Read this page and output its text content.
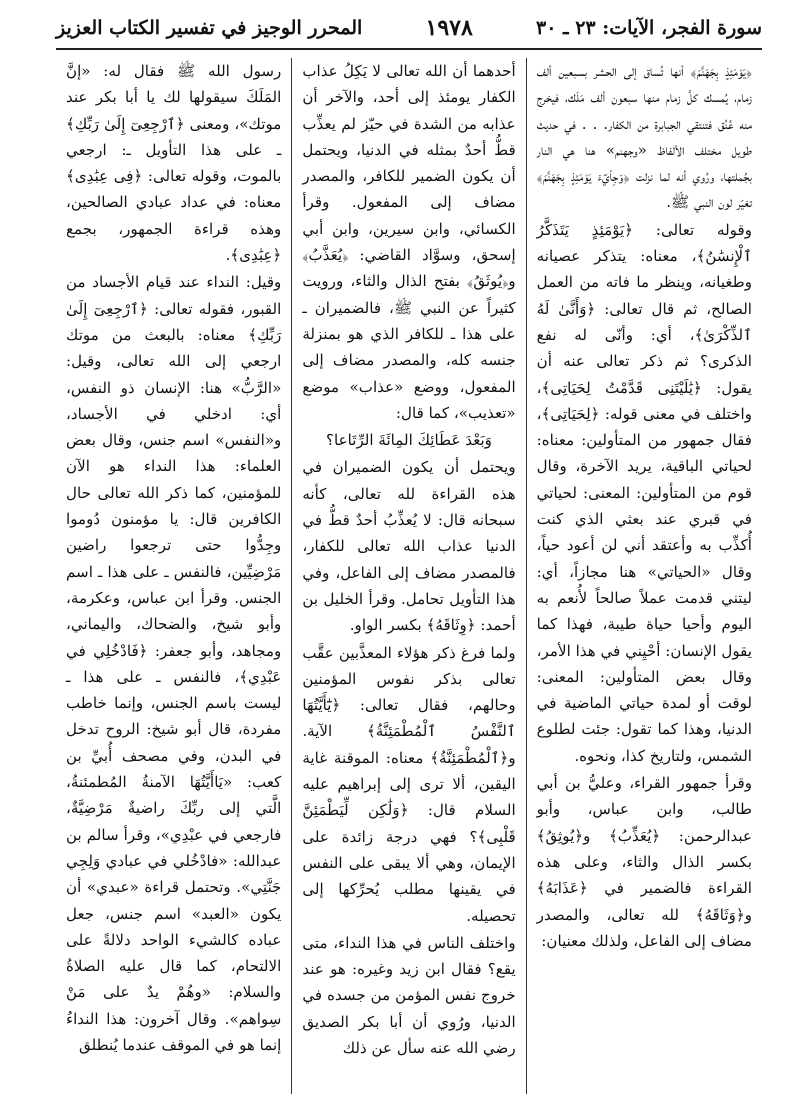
سورة الفجر، الآيات: ٢٣ ـ ٣٠
١٩٧٨
المحرر الوجيز في تفسير الكتاب العزيز

﴿يَوْمَئِذٍ بِجَهَنَّمَ﴾ أنها تُساق إلى الحشر بسبعين ألف زمام، يُمسك كلَّ زمام منها سبعون ألف مَلَك، فيخرج منه عُنُق فتنتقي الجبابرة من الكفار. . . في حديث طويل مختلف الألفاظ «وجهنم» هنا هي النار بجُملتها، ورُوي أنه لما نزلت ﴿وَجِاْيٓءَ يَوْمَئِذٍ بِجَهَنَّمَ﴾ تغيّر لون النبي ﷺ.

وقوله تعالى: ﴿يَوْمَئِذٍ يَتَذَكَّرُ ٱلْإِنسَٰنُ﴾، معناه: يتذكر عصيانه وطغيانه، وينظر ما فاته من العمل الصالح، ثم قال تعالى: ﴿وَأَنَّىٰ لَهُ ٱلذِّكْرَىٰ﴾، أي: وأنّى له نفع الذكرى؟ ثم ذكر تعالى عنه أن يقول: ﴿يَٰلَيْتَنِى قَدَّمْتُ لِحَيَاتِى﴾، واختلف في معنى قوله: ﴿لِحَيَاتِى﴾، فقال جمهور من المتأولين: معناه: لحياتي الباقية، يريد الآخرة، وقال قوم من المتأولين: المعنى: لحياتي في قبري عند بعثي الذي كنت أُكذِّب به وأعتقد أني لن أعود حياً، وقال «الحياتي» هنا مجازاً، أي: ليتني قدمت عملاً صالحاً لأُنعم به اليوم وأحيا حياة طيبة، فهذا كما يقول الإنسان: أحْيِني في هذا الأمر، وقال بعض المتأولين: المعنى: لوقت أو لمدة حياتي الماضية في الدنيا، وهذا كما تقول: جئت لطلوع الشمس، ولتاريخ كذا، ونحوه.

وقرأ جمهور القراء، وعليُّ بن أبي طالب، وابن عباس، وأبو عبدالرحمن: ﴿يُعَذِّبُ﴾ و﴿يُوثِقُ﴾ بكسر الذال والثاء، وعلى هذه القراءة فالضمير في ﴿عَذَابَهُ﴾ و﴿وَثَاقَهُ﴾ لله تعالى، والمصدر مضاف إلى الفاعل، ولذلك معنيان:

أحدهما أن الله تعالى لا يَكِلُ عذاب الكفار يومئذ إلى أحد، والآخر أن عذابه من الشدة في حيّز لم يعذِّب قطُّ أحدٌ بمثله في الدنيا، ويحتمل أن يكون الضمير للكافر، والمصدر مضاف إلى المفعول. وقرأ الكسائي، وابن سيرين، وابن أبي إسحق، وسوَّاد القاضي: ﴿يُعَذَّبُ﴾ و﴿يُوثَقُ﴾ بفتح الذال والثاء، ورويت كثيراً عن النبي ﷺ، فالضميران ـ على هذا ـ للكافر الذي هو بمنزلة جنسه كله، والمصدر مضاف إلى المفعول، ووضع «عذاب» موضع «تعذيب»، كما قال:

وَبَعْدَ عَطَائِكَ المِائَةَ الرِّتَاعا؟

ويحتمل أن يكون الضميران في هذه القراءة لله تعالى، كأنه سبحانه قال: لا يُعذِّبُ أحدٌ قطُّ في الدنيا عذاب الله تعالى للكفار، فالمصدر مضاف إلى الفاعل، وفي هذا التأويل تحامل. وقرأ الخليل بن أحمد: ﴿وِثَاقَهُ﴾ بكسر الواو.

ولما فرغ ذكر هؤلاء المعذَّبين عقَّب تعالى بذكر نفوس المؤمنين وحالهم، فقال تعالى: ﴿يَٰٓأَيَّتُهَا ٱلنَّفْسُ ٱلْمُطْمَئِنَّةُ﴾ الآية. و﴿ٱلْمُطْمَئِنَّةُ﴾ معناه: الموقنة غاية اليقين، ألا ترى إلى إبراهيم عليه السلام قال: ﴿وَلَٰكِن لِّيَطْمَئِنَّ قَلْبِى﴾؟ فهي درجة زائدة على الإيمان، وهي ألا يبقى على النفس في يقينها مطلب يُحرِّكها إلى تحصيله.

واختلف الناس في هذا النداء، متى يقع؟ فقال ابن زيد وغيره: هو عند خروج نفس المؤمن من جسده في الدنيا، ورُوي أن أبا بكر الصديق رضي الله عنه سأل عن ذلك

رسول الله ﷺ فقال له: «إنَّ المَلَكَ سيقولها لك يا أبا بكر عند موتك»، ومعنى ﴿ٱرْجِعِىٓ إِلَىٰ رَبِّكِ﴾ ـ على هذا التأويل ـ: ارجعي بالموت، وقوله تعالى: ﴿فِى عِبَٰدِى﴾ معناه: في عداد عبادي الصالحين، وهذه قراءة الجمهور، بجمع ﴿عِبَٰدِى﴾.

وقيل: النداء عند قيام الأجساد من القبور، فقوله تعالى: ﴿ٱرْجِعِىٓ إِلَىٰ رَبِّكِ﴾ معناه: بالبعث من موتك ارجعي إلى الله تعالى، وقيل: «الرَّبُّ» هنا: الإنسان ذو النفس، أي: ادخلي في الأجساد، و«النفس» اسم جنس، وقال بعض العلماء: هذا النداء هو الآن للمؤمنين، كما ذكر الله تعالى حال الكافرين قال: يا مؤمنون دُوموا وجِدُّوا حتى ترجعوا راضين مَرْضِيِّين، فالنفس ـ على هذا ـ اسم الجنس. وقرأ ابن عباس، وعكرمة، وأبو شيخ، والضحاك، واليماني، ومجاهد، وأبو جعفر: ﴿فَادْخُلِي في عَبْدِي﴾، فالنفس ـ على هذا ـ ليست باسم الجنس، وإنما خاطب مفردة، قال أبو شيخ: الروح تدخل في البدن، وفي مصحف أُبيِّ بن كعب: «يَاأَيَّتُهَا الآمنةُ المُطمئنةُ، الَّتي إلى ربِّكَ راضيةٌ مَرْضِيَّةٌ، فارجعي في عبْدِي»، وقرأ سالم بن عبدالله: «فادْخُلي في عبادي وَلِجِي جَنَّتِي». وتحتمل قراءة «عبدي» أن يكون «العبد» اسم جنس، جعل عباده كالشيء الواحد دلالةً على الالتحام، كما قال عليه الصلاةُ والسلام: «وهُمْ يدٌ على مَنْ سِواهم». وقال آخرون: هذا النداءُ إنما هو في الموقف عندما يُنطلق
